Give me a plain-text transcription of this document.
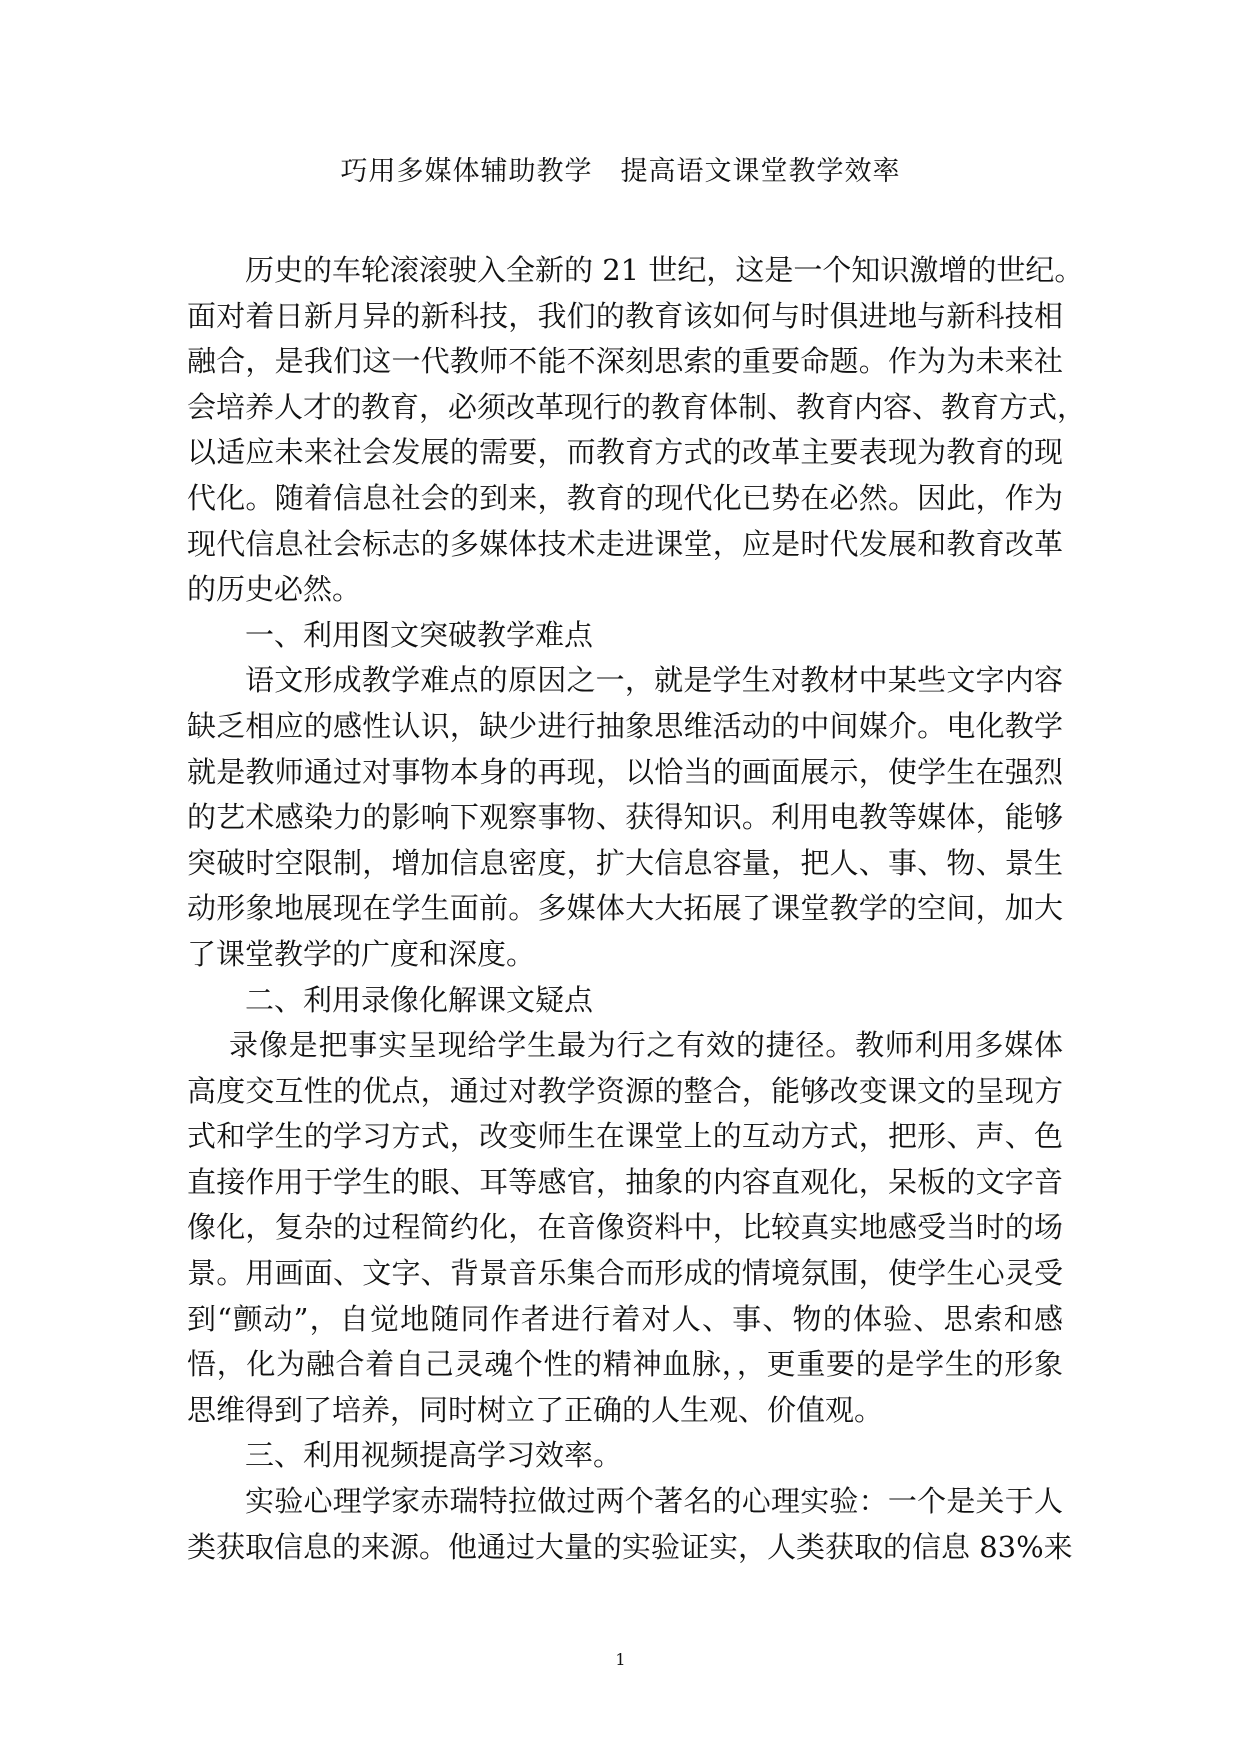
巧用多媒体辅助教学　提高语文课堂教学效率
历史的车轮滚滚驶入全新的 21 世纪，这是一个知识激增的世纪。
面对着日新月异的新科技，我们的教育该如何与时俱进地与新科技相
融合，是我们这一代教师不能不深刻思索的重要命题。作为为未来社
会培养人才的教育，必须改革现行的教育体制、教育内容、教育方式，
以适应未来社会发展的需要，而教育方式的改革主要表现为教育的现
代化。随着信息社会的到来，教育的现代化已势在必然。因此，作为
现代信息社会标志的多媒体技术走进课堂，应是时代发展和教育改革
的历史必然。
一、利用图文突破教学难点
语文形成教学难点的原因之一，就是学生对教材中某些文字内容
缺乏相应的感性认识，缺少进行抽象思维活动的中间媒介。电化教学
就是教师通过对事物本身的再现，以恰当的画面展示，使学生在强烈
的艺术感染力的影响下观察事物、获得知识。利用电教等媒体，能够
突破时空限制，增加信息密度，扩大信息容量，把人、事、物、景生
动形象地展现在学生面前。多媒体大大拓展了课堂教学的空间，加大
了课堂教学的广度和深度。
二、利用录像化解课文疑点
录像是把事实呈现给学生最为行之有效的捷径。教师利用多媒体
高度交互性的优点，通过对教学资源的整合，能够改变课文的呈现方
式和学生的学习方式，改变师生在课堂上的互动方式，把形、声、色
直接作用于学生的眼、耳等感官，抽象的内容直观化，呆板的文字音
像化，复杂的过程简约化，在音像资料中，比较真实地感受当时的场
景。用画面、文字、背景音乐集合而形成的情境氛围，使学生心灵受
到“颤动”，自觉地随同作者进行着对人、事、物的体验、思索和感
悟，化为融合着自己灵魂个性的精神血脉，，更重要的是学生的形象
思维得到了培养，同时树立了正确的人生观、价值观。
三、利用视频提高学习效率。
实验心理学家赤瑞特拉做过两个著名的心理实验：一个是关于人
类获取信息的来源。他通过大量的实验证实，人类获取的信息 83%来
1
